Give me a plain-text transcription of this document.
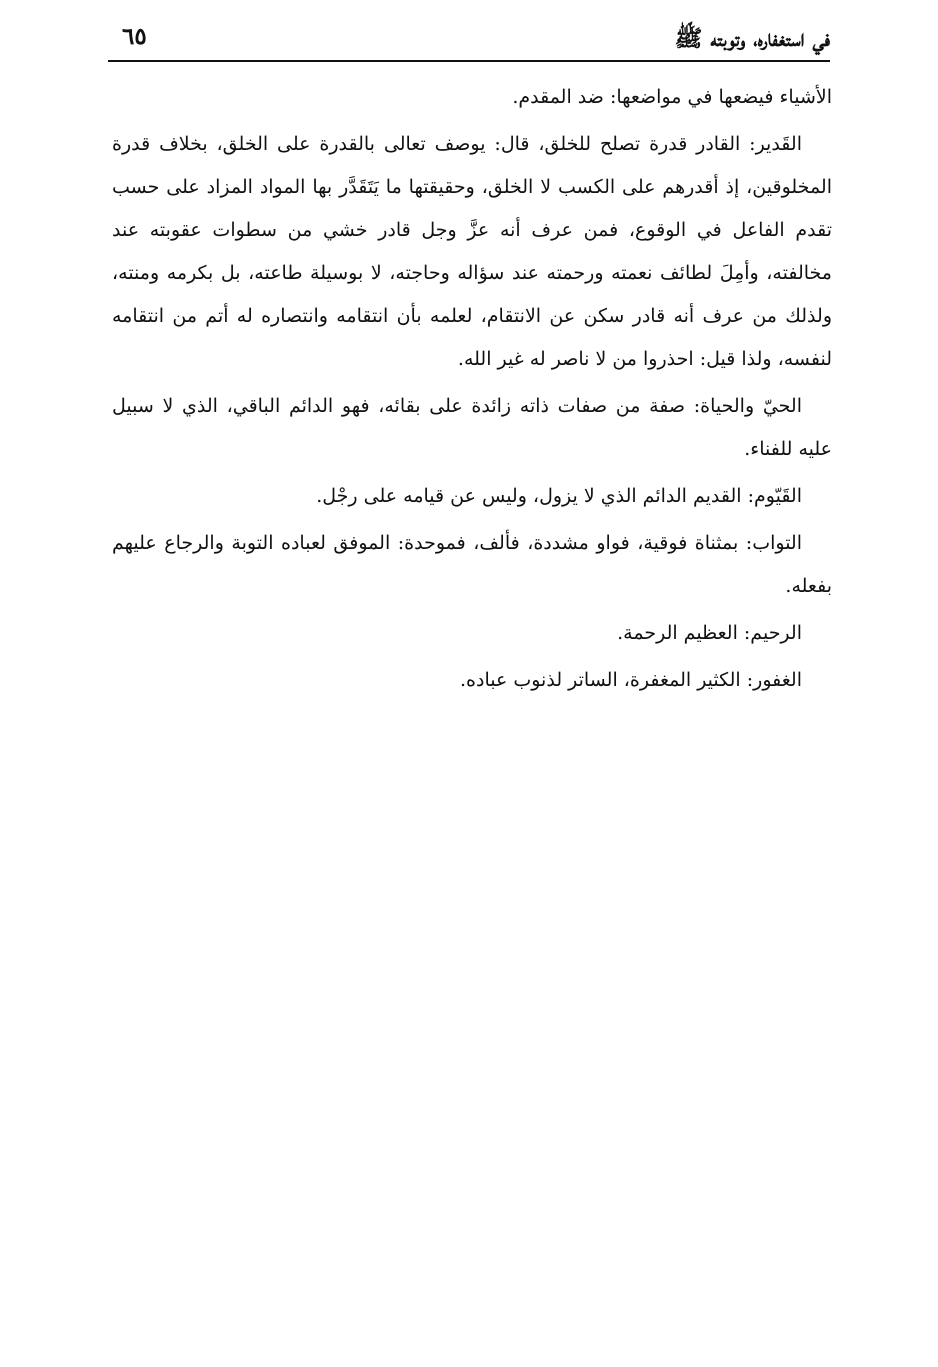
في استغفاره، وتوبته ﷺ
٦٥

الأشياء فيضعها في مواضعها: ضد المقدم.

القَدير: القادر قدرة تصلح للخلق، قال: يوصف تعالى بالقدرة على الخلق، بخلاف قدرة المخلوقين، إذ أقدرهم على الكسب لا الخلق، وحقيقتها ما يَتَقَدَّر بها المواد المزاد على حسب تقدم الفاعل في الوقوع، فمن عرف أنه عزَّ وجل قادر خشي من سطوات عقوبته عند مخالفته، وأمِلَ لطائف نعمته ورحمته عند سؤاله وحاجته، لا بوسيلة طاعته، بل بكرمه ومنته، ولذلك من عرف أنه قادر سكن عن الانتقام، لعلمه بأن انتقامه وانتصاره له أتم من انتقامه لنفسه، ولذا قيل: احذروا من لا ناصر له غير الله.

الحيّ والحياة: صفة من صفات ذاته زائدة على بقائه، فهو الدائم الباقي، الذي لا سبيل عليه للفناء.

القَيّوم: القديم الدائم الذي لا يزول، وليس عن قيامه على رجْل.

التواب: بمثناة فوقية، فواو مشددة، فألف، فموحدة: الموفق لعباده التوبة والرجاع عليهم بفعله.

الرحيم: العظيم الرحمة.

الغفور: الكثير المغفرة، الساتر لذنوب عباده.
